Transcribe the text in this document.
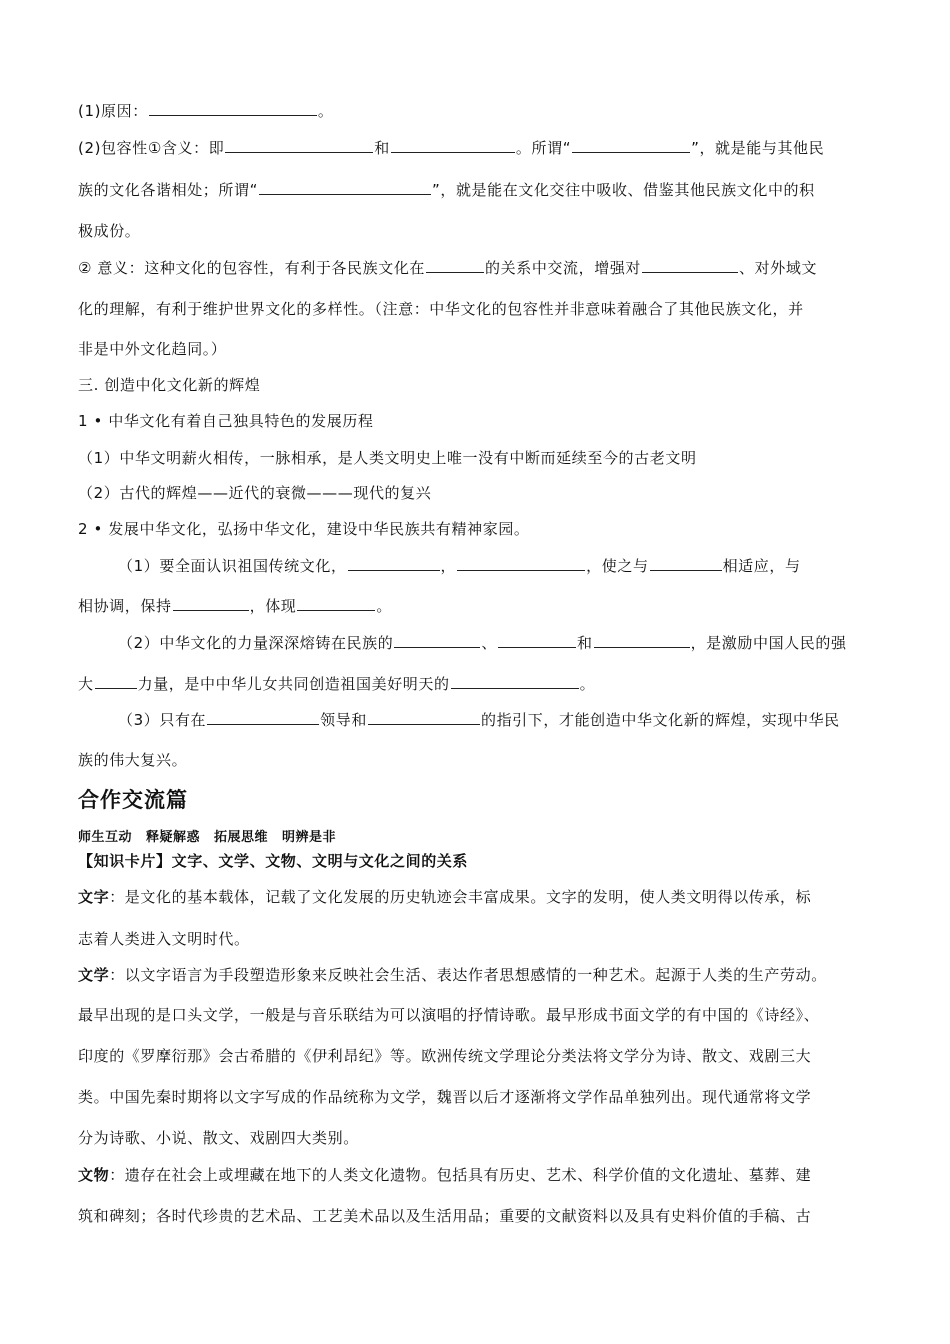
(1)原因：	。
(2)包容性①含义：即	和	。所谓“	”，就是能与其他民
族的文化各谐相处；所谓“	”，就是能在文化交往中吸收、借鉴其他民族文化中的积
极成份。
② 意义：这种文化的包容性，有利于各民族文化在	的关系中交流，增强对	、对外域文
化的理解，有利于维护世界文化的多样性。（注意：中华文化的包容性并非意味着融合了其他民族文化，并
非是中外文化趋同。）
三. 创造中化文化新的辉煌
1 • 中华文化有着自己独具特色的发展历程
（1）中华文明薪火相传，一脉相承，是人类文明史上唯一没有中断而延续至今的古老文明
（2）古代的辉煌——近代的衰微———现代的复兴
2 • 发展中华文化，弘扬中华文化，建设中华民族共有精神家园。
（1）要全面认识祖国传统文化，	，	，使之与	相适应，与
相协调，保持	，体现	。
（2）中华文化的力量深深熔铸在民族的	、	和	，是激励中国人民的强
大	力量，是中中华儿女共同创造祖国美好明天的	。
（3）只有在	领导和	的指引下，才能创造中华文化新的辉煌，实现中华民
族的伟大复兴。
合作交流篇
师生互动 释疑解惑 拓展思维 明辨是非
【知识卡片】文字、文学、文物、文明与文化之间的关系
文字：是文化的基本载体，记载了文化发展的历史轨迹会丰富成果。文字的发明，使人类文明得以传承，标
志着人类进入文明时代。
文学：以文字语言为手段塑造形象来反映社会生活、表达作者思想感情的一种艺术。起源于人类的生产劳动。
最早出现的是口头文学，一般是与音乐联结为可以演唱的抒情诗歌。最早形成书面文学的有中国的《诗经》、
印度的《罗摩衍那》会古希腊的《伊利昂纪》等。欧洲传统文学理论分类法将文学分为诗、散文、戏剧三大
类。中国先秦时期将以文字写成的作品统称为文学，魏晋以后才逐渐将文学作品单独列出。现代通常将文学
分为诗歌、小说、散文、戏剧四大类别。
文物：遗存在社会上或埋藏在地下的人类文化遗物。包括具有历史、艺术、科学价值的文化遗址、墓葬、建
筑和碑刻；各时代珍贵的艺术品、工艺美术品以及生活用品；重要的文献资料以及具有史料价值的手稿、古
